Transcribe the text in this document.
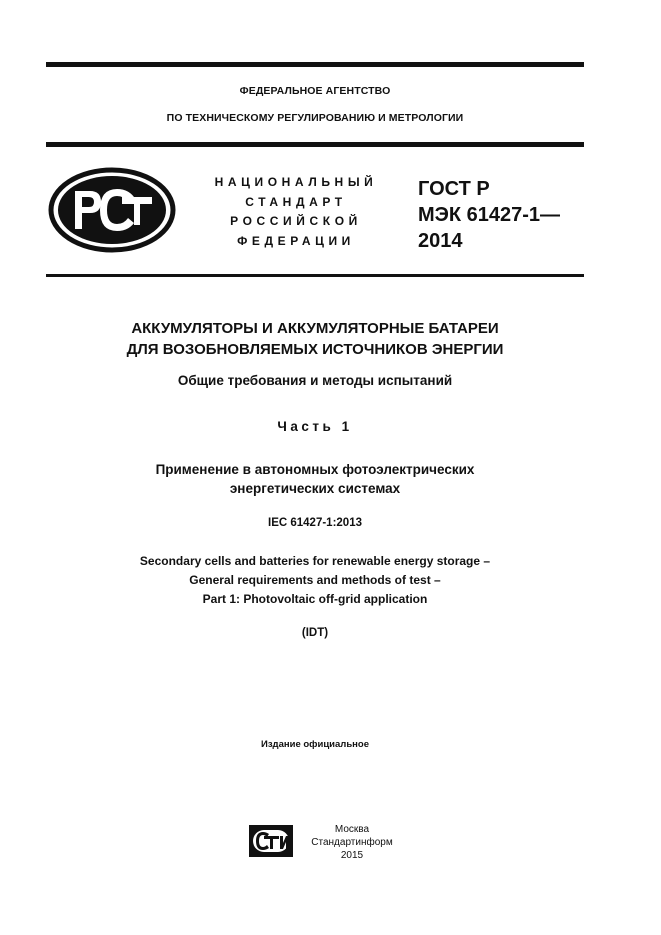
ФЕДЕРАЛЬНОЕ АГЕНТСТВО
ПО ТЕХНИЧЕСКОМУ РЕГУЛИРОВАНИЮ И МЕТРОЛОГИИ
НАЦИОНАЛЬНЫЙ
СТАНДАРТ
РОССИЙСКОЙ
ФЕДЕРАЦИИ
ГОСТ Р
МЭК 61427-1—
2014
АККУМУЛЯТОРЫ И АККУМУЛЯТОРНЫЕ БАТАРЕИ
ДЛЯ ВОЗОБНОВЛЯЕМЫХ ИСТОЧНИКОВ ЭНЕРГИИ
Общие требования и методы испытаний
Часть 1
Применение в автономных фотоэлектрических
энергетических системах
IEC 61427-1:2013
Secondary cells and batteries for renewable energy storage –
General requirements and methods of test –
Part 1: Photovoltaic off-grid application
(IDT)
Издание официальное
Москва
Стандартинформ
2015
